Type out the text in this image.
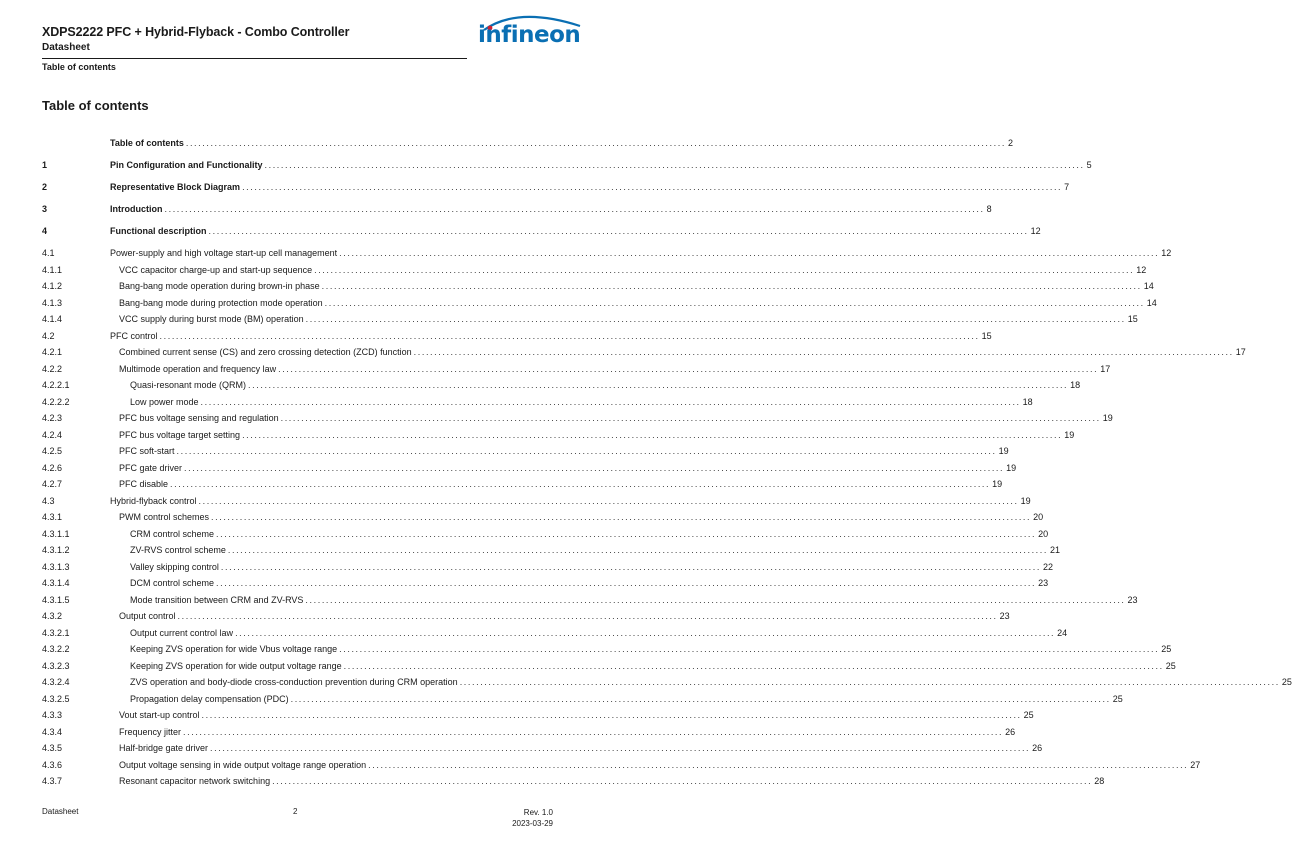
XDPS2222 PFC + Hybrid-Flyback - Combo Controller
Datasheet
Table of contents
infineon
Table of contents
Table of contents ........................................................................................................................................................................................................ 2
1	Pin Configuration and Functionality ........................................................................................................................................................................................................ 5
2	Representative Block Diagram ........................................................................................................................................................................................................ 7
3	Introduction ........................................................................................................................................................................................................ 8
4	Functional description ........................................................................................................................................................................................................ 12
4.1	Power-supply and high voltage start-up cell management ........................................................................................................................................................................................................ 12
4.1.1	VCC capacitor charge-up and start-up sequence ........................................................................................................................................................................................................ 12
4.1.2	Bang-bang mode operation during brown-in phase ........................................................................................................................................................................................................ 14
4.1.3	Bang-bang mode during protection mode operation ........................................................................................................................................................................................................ 14
4.1.4	VCC supply during burst mode (BM) operation ........................................................................................................................................................................................................ 15
4.2	PFC control ........................................................................................................................................................................................................ 15
4.2.1	Combined current sense (CS) and zero crossing detection (ZCD) function ........................................................................................................................................................................................................ 17
4.2.2	Multimode operation and frequency law ........................................................................................................................................................................................................ 17
4.2.2.1	Quasi-resonant mode (QRM) ........................................................................................................................................................................................................ 18
4.2.2.2	Low power mode ........................................................................................................................................................................................................ 18
4.2.3	PFC bus voltage sensing and regulation ........................................................................................................................................................................................................ 19
4.2.4	PFC bus voltage target setting ........................................................................................................................................................................................................ 19
4.2.5	PFC soft-start ........................................................................................................................................................................................................ 19
4.2.6	PFC gate driver ........................................................................................................................................................................................................ 19
4.2.7	PFC disable ........................................................................................................................................................................................................ 19
4.3	Hybrid-flyback control ........................................................................................................................................................................................................ 19
4.3.1	PWM control schemes ........................................................................................................................................................................................................ 20
4.3.1.1	CRM control scheme ........................................................................................................................................................................................................ 20
4.3.1.2	ZV-RVS control scheme ........................................................................................................................................................................................................ 21
4.3.1.3	Valley skipping control ........................................................................................................................................................................................................ 22
4.3.1.4	DCM control scheme ........................................................................................................................................................................................................ 23
4.3.1.5	Mode transition between CRM and ZV-RVS ........................................................................................................................................................................................................ 23
4.3.2	Output control ........................................................................................................................................................................................................ 23
4.3.2.1	Output current control law ........................................................................................................................................................................................................ 24
4.3.2.2	Keeping ZVS operation for wide Vbus voltage range ........................................................................................................................................................................................................ 25
4.3.2.3	Keeping ZVS operation for wide output voltage range ........................................................................................................................................................................................................ 25
4.3.2.4	ZVS operation and body-diode cross-conduction prevention during CRM operation ........................................................................................................................................................................................................ 25
4.3.2.5	Propagation delay compensation (PDC) ........................................................................................................................................................................................................ 25
4.3.3	Vout start-up control ........................................................................................................................................................................................................ 25
4.3.4	Frequency jitter ........................................................................................................................................................................................................ 26
4.3.5	Half-bridge gate driver ........................................................................................................................................................................................................ 26
4.3.6	Output voltage sensing in wide output voltage range operation ........................................................................................................................................................................................................ 27
4.3.7	Resonant capacitor network switching ........................................................................................................................................................................................................ 28
Datasheet	2	Rev. 1.0
2023-03-29
